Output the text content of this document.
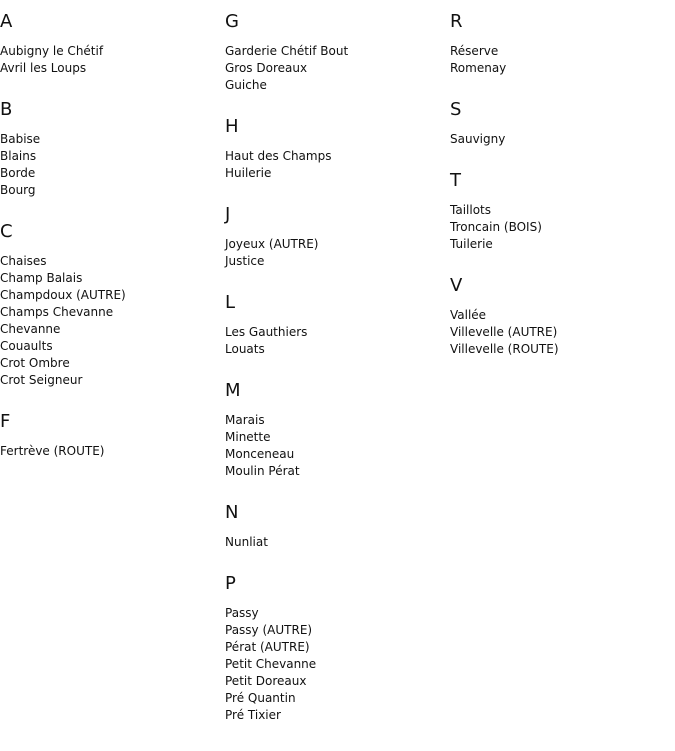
A
Aubigny le Chétif
Avril les Loups
B
Babise
Blains
Borde
Bourg
C
Chaises
Champ Balais
Champdoux (AUTRE)
Champs Chevanne
Chevanne
Couaults
Crot Ombre
Crot Seigneur
F
Fertrève (ROUTE)
G
Garderie Chétif Bout
Gros Doreaux
Guiche
H
Haut des Champs
Huilerie
J
Joyeux (AUTRE)
Justice
L
Les Gauthiers
Louats
M
Marais
Minette
Monceneau
Moulin Pérat
N
Nunliat
P
Passy
Passy (AUTRE)
Pérat (AUTRE)
Petit Chevanne
Petit Doreaux
Pré Quantin
Pré Tixier
R
Réserve
Romenay
S
Sauvigny
T
Taillots
Troncain (BOIS)
Tuilerie
V
Vallée
Villevelle (AUTRE)
Villevelle (ROUTE)
